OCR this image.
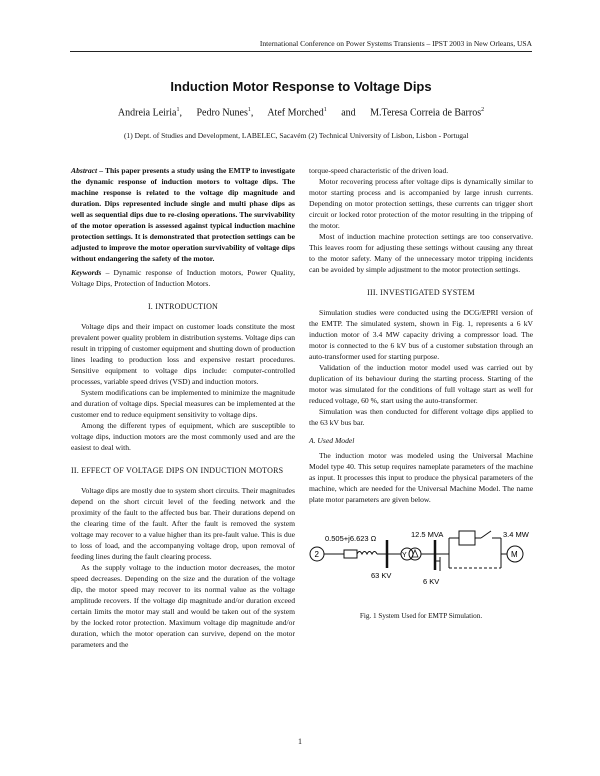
International Conference on Power Systems Transients – IPST 2003 in New Orleans, USA
Induction Motor Response to Voltage Dips
Andreia Leiria$^1$, Pedro Nunes$^1$, Atef Morched$^1$ and M.Teresa Correia de Barros$^2$
(1) Dept. of Studies and Development, LABELEC, Sacavém (2) Technical University of Lisbon, Lisbon - Portugal

Abstract – This paper presents a study using the EMTP to investigate the dynamic response of induction motors to voltage dips. The machine response is related to the voltage dip magnitude and duration. Dips represented include single and multi phase dips as well as sequential dips due to re-closing operations. The survivability of the motor operation is assessed against typical induction machine protection settings. It is demonstrated that protection settings can be adjusted to improve the motor operation survivability of voltage dips without endangering the safety of the motor.

Keywords – Dynamic response of Induction motors, Power Quality, Voltage Dips, Protection of Induction Motors.

I. INTRODUCTION

Voltage dips and their impact on customer loads constitute the most prevalent power quality problem in distribution systems. Voltage dips can result in tripping of customer equipment and shutting down of production lines leading to production loss and expensive restart procedures. Sensitive equipment to voltage dips include: computer-controlled processes, variable speed drives (VSD) and induction motors.

System modifications can be implemented to minimize the magnitude and duration of voltage dips. Special measures can be implemented at the customer end to reduce equipment sensitivity to voltage dips.

Among the different types of equipment, which are susceptible to voltage dips, induction motors are the most commonly used and are the easiest to deal with.

II. EFFECT OF VOLTAGE DIPS ON INDUCTION MOTORS

Voltage dips are mostly due to system short circuits. Their magnitudes depend on the short circuit level of the feeding network and the proximity of the fault to the affected bus bar. Their durations depend on the clearing time of the fault. After the fault is removed the system voltage may recover to a value higher than its pre-fault value. This is due to loss of load, and the accompanying voltage drop, upon removal of feeding lines during the fault clearing process.

As the supply voltage to the induction motor decreases, the motor speed decreases. Depending on the size and the duration of the voltage dip, the motor speed may recover to its normal value as the voltage amplitude recovers. If the voltage dip magnitude and/or duration exceed certain limits the motor may stall and would be taken out of the system by the locked rotor protection. Maximum voltage dip magnitude and/or duration, which the motor operation can survive, depend on the motor parameters and the

torque-speed characteristic of the driven load.

Motor recovering process after voltage dips is dynamically similar to motor starting process and is accompanied by large inrush currents. Depending on motor protection settings, these currents can trigger short circuit or locked rotor protection of the motor resulting in the tripping of the motor.

Most of induction machine protection settings are too conservative. This leaves room for adjusting these settings without causing any threat to the motor safety. Many of the unnecessary motor tripping incidents can be avoided by simple adjustment to the motor protection settings.

III. INVESTIGATED SYSTEM

Simulation studies were conducted using the DCG/EPRI version of the EMTP. The simulated system, shown in Fig. 1, represents a 6 kV induction motor of 3.4 MW capacity driving a compressor load. The motor is connected to the 6 kV bus of a customer substation through an auto-transformer used for starting purpose.

Validation of the induction motor model used was carried out by duplication of its behaviour during the starting process. Starting of the motor was simulated for the conditions of full voltage start as well for reduced voltage, 60 %, start using the auto-transformer.

Simulation was then conducted for different voltage dips applied to the 63 kV bus bar.

A. Used Model

The induction motor was modeled using the Universal Machine Model type 40. This setup requires nameplate parameters of the machine as input. It processes this input to produce the physical parameters of the machine, which are needed for the Universal Machine Model. The name plate motor parameters are given below.

2
0.505+j6.623 Ω
63 KV
Y
12.5 MVA
6 KV
M
3.4 MW
Fig. 1 System Used for EMTP Simulation.
1
